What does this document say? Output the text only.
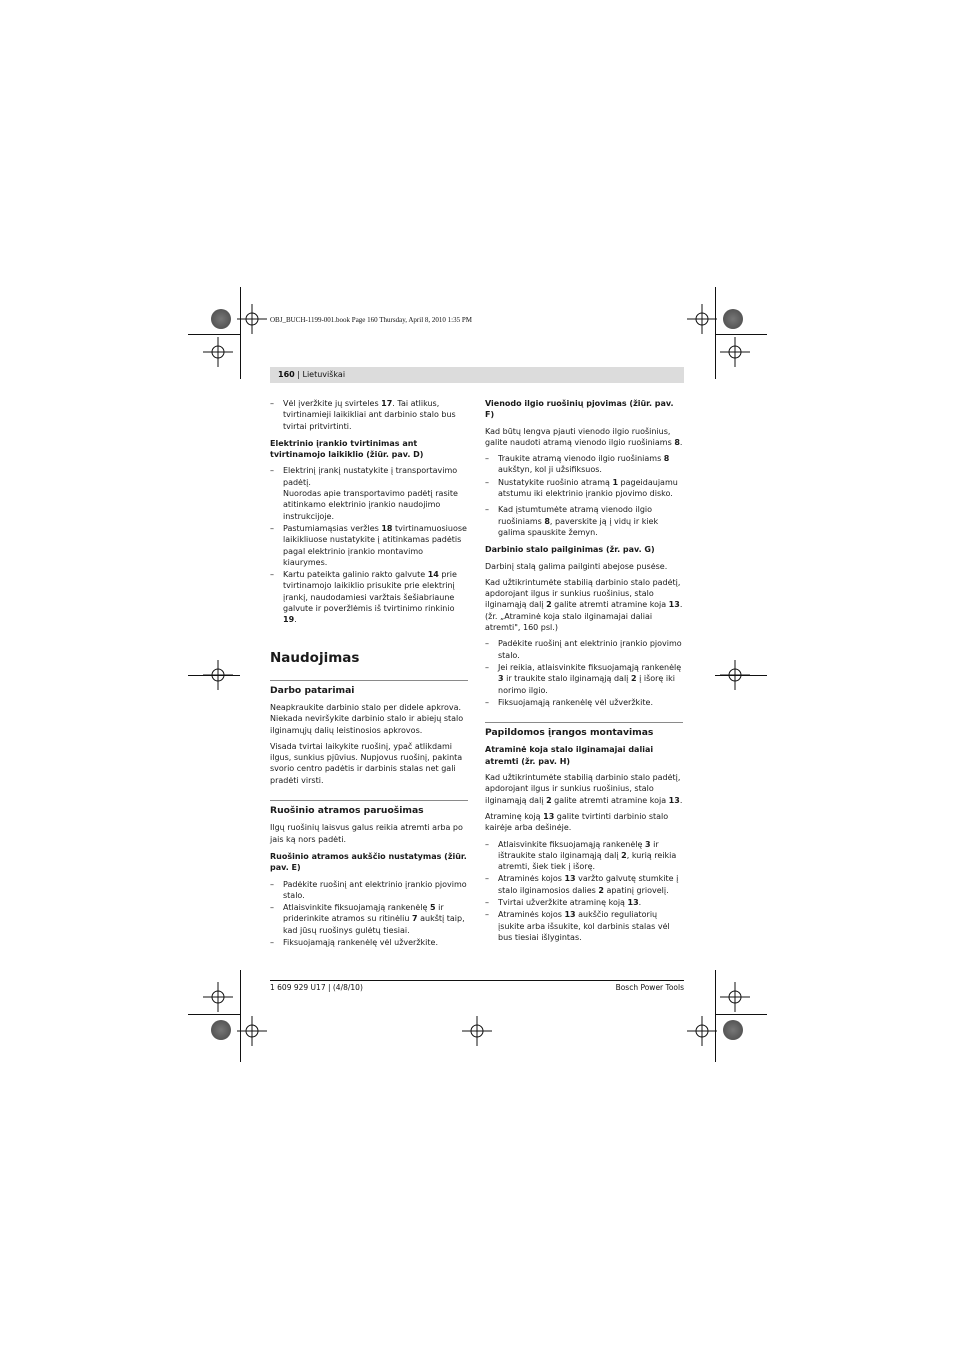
OBJ_BUCH-1199-001.book Page 160 Thursday, April 8, 2010 1:35 PM
160 | Lietuviškai
– Vėl įveržkite jų svirteles 17. Tai atlikus, tvirtinamieji laikikliai ant darbinio stalo bus tvirtai pritvirtinti.
Elektrinio įrankio tvirtinimas ant tvirtinamojo laikiklio (žiūr. pav. D)
– Elektrinį įrankį nustatykite į transportavimo padėtį.
Nuorodas apie transportavimo padėtį rasite atitinkamo elektrinio įrankio naudojimo instrukcijoje.
– Pastumiamąsias veržles 18 tvirtinamuosiuose laikikliuose nustatykite į atitinkamas padėtis pagal elektrinio įrankio montavimo kiaurymes.
– Kartu pateikta galinio rakto galvute 14 prie tvirtinamojo laikiklio prisukite prie elektrinį įrankį, naudodamiesi varžtais šešiabriaune galvute ir poveržlėmis iš tvirtinimo rinkinio 19.
Naudojimas
Darbo patarimai

Neapkraukite darbinio stalo per didele apkrova. Niekada neviršykite darbinio stalo ir abiejų stalo ilginamųjų dalių leistinosios apkrovos.

Visada tvirtai laikykite ruošinį, ypač atlikdami ilgus, sunkius pjūvius. Nupjovus ruošinį, pakinta svorio centro padėtis ir darbinis stalas net gali pradėti virsti.

Ruošinio atramos paruošimas

Ilgų ruošinių laisvus galus reikia atremti arba po jais ką nors padėti.

Ruošinio atramos aukščio nustatymas (žiūr. pav. E)
– Padėkite ruošinį ant elektrinio įrankio pjovimo stalo.
– Atlaisvinkite fiksuojamąją rankenėlę 5 ir priderinkite atramos su ritinėliu 7 aukštį taip, kad jūsų ruošinys gulėtų tiesiai.
– Fiksuojamąją rankenėlę vėl užveržkite.
Vienodo ilgio ruošinių pjovimas (žiūr. pav. F)

Kad būtų lengva pjauti vienodo ilgio ruošinius, galite naudoti atramą vienodo ilgio ruošiniams 8.

– Traukite atramą vienodo ilgio ruošiniams 8 aukštyn, kol ji užsifiksuos.
– Nustatykite ruošinio atramą 1 pageidaujamu atstumu iki elektrinio įrankio pjovimo disko.
– Kad įstumtumėte atramą vienodo ilgio ruošiniams 8, paverskite ją į vidų ir kiek galima spauskite žemyn.
Darbinio stalo pailginimas (žr. pav. G)

Darbinį stalą galima pailginti abejose pusėse.

Kad užtikrintumėte stabilią darbinio stalo padėtį, apdorojant ilgus ir sunkius ruošinius, stalo ilginamąją dalį 2 galite atremti atramine koja 13.

(žr. „Atraminė koja stalo ilginamajai daliai atremti", 160 psl.)

– Padėkite ruošinį ant elektrinio įrankio pjovimo stalo.
– Jei reikia, atlaisvinkite fiksuojamąją rankenėlę 3 ir traukite stalo ilginamąją dalį 2 į išorę iki norimo ilgio.
– Fiksuojamąją rankenėlę vėl užveržkite.
Papildomos įrangos montavimas
Atraminė koja stalo ilginamajai daliai atremti (žr. pav. H)

Kad užtikrintumėte stabilią darbinio stalo padėtį, apdorojant ilgus ir sunkius ruošinius, stalo ilginamąją dalį 2 galite atremti atramine koja 13.

Atraminę koją 13 galite tvirtinti darbinio stalo kairėje arba dešinėje.

– Atlaisvinkite fiksuojamąją rankenėlę 3 ir ištraukite stalo ilginamąją dalį 2, kurią reikia atremti, šiek tiek į išorę.
– Atraminės kojos 13 varžto galvutę stumkite į stalo ilginamosios dalies 2 apatinį griovelį.
– Tvirtai užveržkite atraminę koją 13.
– Atraminės kojos 13 aukščio reguliatorių įsukite arba išsukite, kol darbinis stalas vėl bus tiesiai išlygintas.
1 609 929 U17 | (4/8/10)	Bosch Power Tools
